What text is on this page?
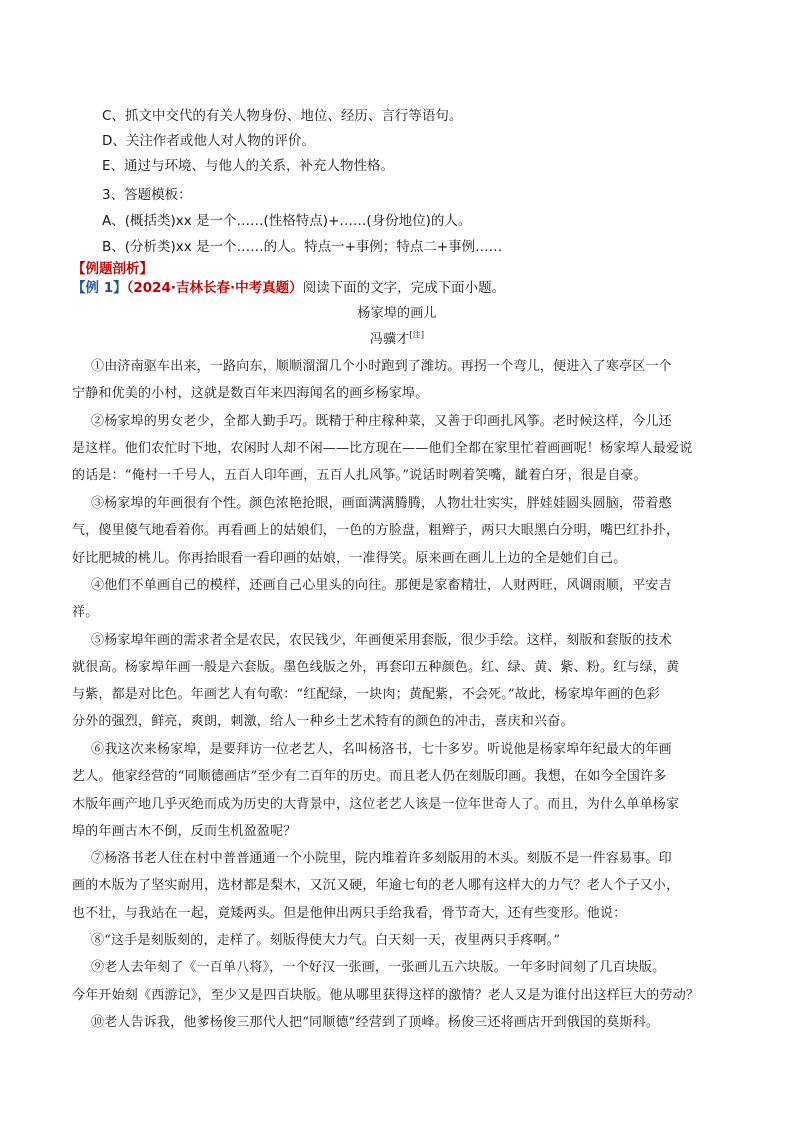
C、抓文中交代的有关人物身份、地位、经历、言行等语句。
D、关注作者或他人对人物的评价。
E、通过与环境、与他人的关系，补充人物性格。
3、答题模板：
A、(概括类)xx 是一个……(性格特点)+……(身份地位)的人。
B、(分析类)xx 是一个……的人。特点一+事例；特点二+事例……
【例题剖析】
【例 1】（2024·吉林长春·中考真题）阅读下面的文字，完成下面小题。
杨家埠的画儿
冯骥才[注]
①由济南驱车出来，一路向东，顺顺溜溜几个小时跑到了潍坊。再拐一个弯儿，便进入了寒亭区一个
宁静和优美的小村，这就是数百年来四海闻名的画乡杨家埠。
②杨家埠的男女老少，全都人勤手巧。既精于种庄稼种菜，又善于印画扎风筝。老时候这样，今儿还
是这样。他们农忙时下地，农闲时人却不闲——比方现在——他们全都在家里忙着画画呢！杨家埠人最爱说
的话是：“俺村一千号人，五百人印年画，五百人扎风筝。”说话时咧着笑嘴，龇着白牙，很是自豪。
③杨家埠的年画很有个性。颜色浓艳抢眼，画面满满腾腾，人物壮壮实实，胖娃娃圆头圆脑，带着憨
气，傻里傻气地看着你。再看画上的姑娘们，一色的方脸盘，粗辫子，两只大眼黑白分明，嘴巴红扑扑，
好比肥城的桃儿。你再抬眼看一看印画的姑娘，一准得笑。原来画在画儿上边的全是她们自己。
④他们不单画自己的模样，还画自己心里头的向往。那便是家畜精壮，人财两旺，风调雨顺，平安吉
祥。
⑤杨家埠年画的需求者全是农民，农民钱少，年画便采用套版，很少手绘。这样，刻版和套版的技术
就很高。杨家埠年画一般是六套版。墨色线版之外，再套印五种颜色。红、绿、黄、紫、粉。红与绿，黄
与紫，都是对比色。年画艺人有句歌：“红配绿，一块肉；黄配紫，不会死。”故此，杨家埠年画的色彩
分外的强烈，鲜亮，爽朗，刺激，给人一种乡土艺术特有的颜色的冲击，喜庆和兴奋。
⑥我这次来杨家埠，是要拜访一位老艺人，名叫杨洛书，七十多岁。听说他是杨家埠年纪最大的年画
艺人。他家经营的“同顺德画店”至少有二百年的历史。而且老人仍在刻版印画。我想，在如今全国许多
木版年画产地几乎灭绝而成为历史的大背景中，这位老艺人该是一位年世奇人了。而且，为什么单单杨家
埠的年画古木不倒，反而生机盈盈呢？
⑦杨洛书老人住在村中普普通通一个小院里，院内堆着许多刻版用的木头。刻版不是一件容易事。印
画的木版为了坚实耐用，选材都是梨木，又沉又硬，年逾七旬的老人哪有这样大的力气？老人个子又小，
也不壮，与我站在一起，竟矮两头。但是他伸出两只手给我看，骨节奇大，还有些变形。他说：
⑧“这手是刻版刻的，走样了。刻版得使大力气。白天刻一天，夜里两只手疼啊。”
⑨老人去年刻了《一百单八将》，一个好汉一张画，一张画儿五六块版。一年多时间刻了几百块版。
今年开始刻《西游记》，至少又是四百块版。他从哪里获得这样的激情？老人又是为谁付出这样巨大的劳动？
⑩老人告诉我，他爹杨俊三那代人把“同顺德”经营到了顶峰。杨俊三还将画店开到俄国的莫斯科。
